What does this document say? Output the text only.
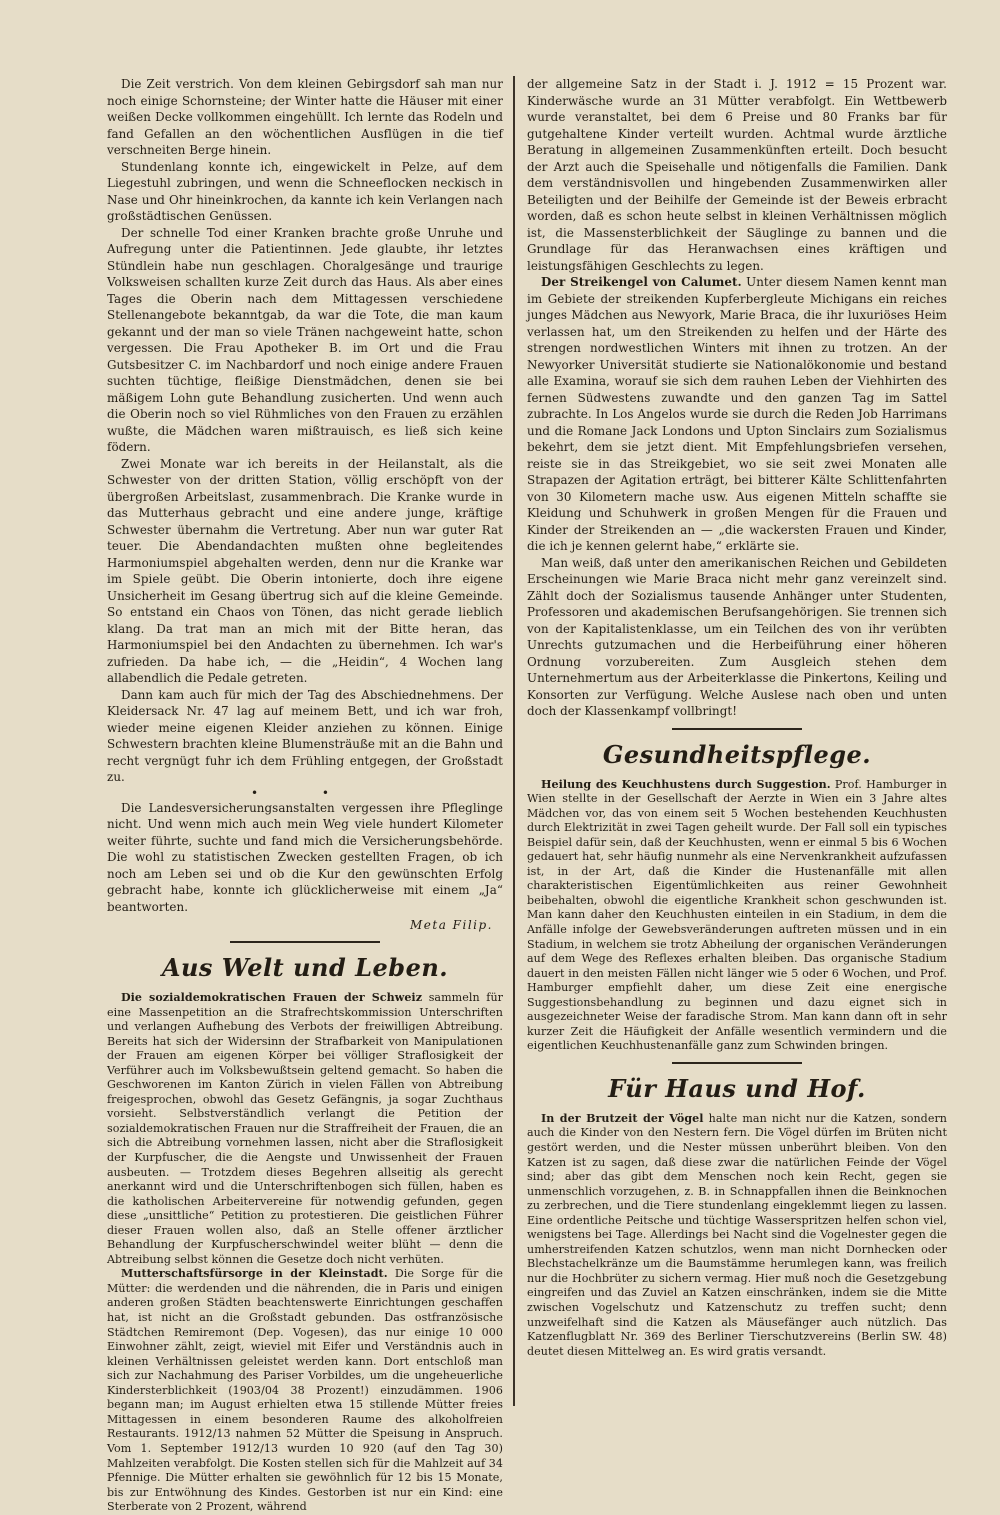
Die Zeit verstrich. Von dem kleinen Gebirgsdorf sah man nur noch einige Schornsteine; der Winter hatte die Häuser mit einer weißen Decke vollkommen eingehüllt. Ich lernte das Rodeln und fand Gefallen an den wöchentlichen Ausflügen in die tief verschneiten Berge hinein.

Stundenlang konnte ich, eingewickelt in Pelze, auf dem Liegestuhl zubringen, und wenn die Schneeflocken neckisch in Nase und Ohr hineinkrochen, da kannte ich kein Verlangen nach großstädtischen Genüssen.

Der schnelle Tod einer Kranken brachte große Unruhe und Aufregung unter die Patientinnen. Jede glaubte, ihr letztes Stündlein habe nun geschlagen. Choralgesänge und traurige Volksweisen schallten kurze Zeit durch das Haus. Als aber eines Tages die Oberin nach dem Mittagessen verschiedene Stellenangebote bekanntgab, da war die Tote, die man kaum gekannt und der man so viele Tränen nachgeweint hatte, schon vergessen. Die Frau Apotheker B. im Ort und die Frau Gutsbesitzer C. im Nachbardorf und noch einige andere Frauen suchten tüchtige, fleißige Dienstmädchen, denen sie bei mäßigem Lohn gute Behandlung zusicherten. Und wenn auch die Oberin noch so viel Rühmliches von den Frauen zu erzählen wußte, die Mädchen waren mißtrauisch, es ließ sich keine födern.

Zwei Monate war ich bereits in der Heilanstalt, als die Schwester von der dritten Station, völlig erschöpft von der übergroßen Arbeitslast, zusammenbrach. Die Kranke wurde in das Mutterhaus gebracht und eine andere junge, kräftige Schwester übernahm die Vertretung. Aber nun war guter Rat teuer. Die Abendandachten mußten ohne begleitendes Harmoniumspiel abgehalten werden, denn nur die Kranke war im Spiele geübt. Die Oberin intonierte, doch ihre eigene Unsicherheit im Gesang übertrug sich auf die kleine Gemeinde. So entstand ein Chaos von Tönen, das nicht gerade lieblich klang. Da trat man an mich mit der Bitte heran, das Harmoniumspiel bei den Andachten zu übernehmen. Ich war's zufrieden. Da habe ich, — die „Heidin“, 4 Wochen lang allabendlich die Pedale getreten.

Dann kam auch für mich der Tag des Abschiednehmens. Der Kleidersack Nr. 47 lag auf meinem Bett, und ich war froh, wieder meine eigenen Kleider anziehen zu können. Einige Schwestern brachten kleine Blumensträuße mit an die Bahn und recht vergnügt fuhr ich dem Frühling entgegen, der Großstadt zu.

• •

Die Landesversicherungsanstalten vergessen ihre Pfleglinge nicht. Und wenn mich auch mein Weg viele hundert Kilometer weiter führte, suchte und fand mich die Versicherungsbehörde. Die wohl zu statistischen Zwecken gestellten Fragen, ob ich noch am Leben sei und ob die Kur den gewünschten Erfolg gebracht habe, konnte ich glücklicherweise mit einem „Ja“ beantworten.

Meta Filip.

Aus Welt und Leben.

Die sozialdemokratischen Frauen der Schweiz sammeln für eine Massenpetition an die Strafrechtskommission Unterschriften und verlangen Aufhebung des Verbots der freiwilligen Abtreibung. Bereits hat sich der Widersinn der Strafbarkeit von Manipulationen der Frauen am eigenen Körper bei völliger Straflosigkeit der Verführer auch im Volksbewußtsein geltend gemacht. So haben die Geschworenen im Kanton Zürich in vielen Fällen von Abtreibung freigesprochen, obwohl das Gesetz Gefängnis, ja sogar Zuchthaus vorsieht. Selbstverständlich verlangt die Petition der sozialdemokratischen Frauen nur die Straffreiheit der Frauen, die an sich die Abtreibung vornehmen lassen, nicht aber die Straflosigkeit der Kurpfuscher, die die Aengste und Unwissenheit der Frauen ausbeuten. — Trotzdem dieses Begehren allseitig als gerecht anerkannt wird und die Unterschriftenbogen sich füllen, haben es die katholischen Arbeitervereine für notwendig gefunden, gegen diese „unsittliche“ Petition zu protestieren. Die geistlichen Führer dieser Frauen wollen also, daß an Stelle offener ärztlicher Behandlung der Kurpfuscherschwindel weiter blüht — denn die Abtreibung selbst können die Gesetze doch nicht verhüten.

Mutterschaftsfürsorge in der Kleinstadt. Die Sorge für die Mütter: die werdenden und die nährenden, die in Paris und einigen anderen großen Städten beachtenswerte Einrichtungen geschaffen hat, ist nicht an die Großstadt gebunden. Das ostfranzösische Städtchen Remiremont (Dep. Vogesen), das nur einige 10 000 Einwohner zählt, zeigt, wieviel mit Eifer und Verständnis auch in kleinen Verhältnissen geleistet werden kann. Dort entschloß man sich zur Nachahmung des Pariser Vorbildes, um die ungeheuerliche Kindersterblichkeit (1903/04 38 Prozent!) einzudämmen. 1906 begann man; im August erhielten etwa 15 stillende Mütter freies Mittagessen in einem besonderen Raume des alkoholfreien Restaurants. 1912/13 nahmen 52 Mütter die Speisung in Anspruch. Vom 1. September 1912/13 wurden 10 920 (auf den Tag 30) Mahlzeiten verabfolgt. Die Kosten stellen sich für die Mahlzeit auf 34 Pfennige. Die Mütter erhalten sie gewöhnlich für 12 bis 15 Monate, bis zur Entwöhnung des Kindes. Gestorben ist nur ein Kind: eine Sterberate von 2 Prozent, während

der allgemeine Satz in der Stadt i. J. 1912 = 15 Prozent war. Kinderwäsche wurde an 31 Mütter verabfolgt. Ein Wettbewerb wurde veranstaltet, bei dem 6 Preise und 80 Franks bar für gutgehaltene Kinder verteilt wurden. Achtmal wurde ärztliche Beratung in allgemeinen Zusammenkünften erteilt. Doch besucht der Arzt auch die Speisehalle und nötigenfalls die Familien. Dank dem verständnisvollen und hingebenden Zusammenwirken aller Beteiligten und der Beihilfe der Gemeinde ist der Beweis erbracht worden, daß es schon heute selbst in kleinen Verhältnissen möglich ist, die Massensterblichkeit der Säuglinge zu bannen und die Grundlage für das Heranwachsen eines kräftigen und leistungsfähigen Geschlechts zu legen.

Der Streikengel von Calumet. Unter diesem Namen kennt man im Gebiete der streikenden Kupferbergleute Michigans ein reiches junges Mädchen aus Newyork, Marie Braca, die ihr luxuriöses Heim verlassen hat, um den Streikenden zu helfen und der Härte des strengen nordwestlichen Winters mit ihnen zu trotzen. An der Newyorker Universität studierte sie Nationalökonomie und bestand alle Examina, worauf sie sich dem rauhen Leben der Viehhirten des fernen Südwestens zuwandte und den ganzen Tag im Sattel zubrachte. In Los Angelos wurde sie durch die Reden Job Harrimans und die Romane Jack Londons und Upton Sinclairs zum Sozialismus bekehrt, dem sie jetzt dient. Mit Empfehlungsbriefen versehen, reiste sie in das Streikgebiet, wo sie seit zwei Monaten alle Strapazen der Agitation erträgt, bei bitterer Kälte Schlittenfahrten von 30 Kilometern mache usw. Aus eigenen Mitteln schaffte sie Kleidung und Schuhwerk in großen Mengen für die Frauen und Kinder der Streikenden an — „die wackersten Frauen und Kinder, die ich je kennen gelernt habe,“ erklärte sie.

Man weiß, daß unter den amerikanischen Reichen und Gebildeten Erscheinungen wie Marie Braca nicht mehr ganz vereinzelt sind. Zählt doch der Sozialismus tausende Anhänger unter Studenten, Professoren und akademischen Berufsangehörigen. Sie trennen sich von der Kapitalistenklasse, um ein Teilchen des von ihr verübten Unrechts gutzumachen und die Herbeiführung einer höheren Ordnung vorzubereiten. Zum Ausgleich stehen dem Unternehmertum aus der Arbeiterklasse die Pinkertons, Keiling und Konsorten zur Verfügung. Welche Auslese nach oben und unten doch der Klassenkampf vollbringt!

Gesundheitspflege.

Heilung des Keuchhustens durch Suggestion. Prof. Hamburger in Wien stellte in der Gesellschaft der Aerzte in Wien ein 3 Jahre altes Mädchen vor, das von einem seit 5 Wochen bestehenden Keuchhusten durch Elektrizität in zwei Tagen geheilt wurde. Der Fall soll ein typisches Beispiel dafür sein, daß der Keuchhusten, wenn er einmal 5 bis 6 Wochen gedauert hat, sehr häufig nunmehr als eine Nervenkrankheit aufzufassen ist, in der Art, daß die Kinder die Hustenanfälle mit allen charakteristischen Eigentümlichkeiten aus reiner Gewohnheit beibehalten, obwohl die eigentliche Krankheit schon geschwunden ist. Man kann daher den Keuchhusten einteilen in ein Stadium, in dem die Anfälle infolge der Gewebsveränderungen auftreten müssen und in ein Stadium, in welchem sie trotz Abheilung der organischen Veränderungen auf dem Wege des Reflexes erhalten bleiben. Das organische Stadium dauert in den meisten Fällen nicht länger wie 5 oder 6 Wochen, und Prof. Hamburger empfiehlt daher, um diese Zeit eine energische Suggestionsbehandlung zu beginnen und dazu eignet sich in ausgezeichneter Weise der faradische Strom. Man kann dann oft in sehr kurzer Zeit die Häufigkeit der Anfälle wesentlich vermindern und die eigentlichen Keuchhustenanfälle ganz zum Schwinden bringen.

Für Haus und Hof.

In der Brutzeit der Vögel halte man nicht nur die Katzen, sondern auch die Kinder von den Nestern fern. Die Vögel dürfen im Brüten nicht gestört werden, und die Nester müssen unberührt bleiben. Von den Katzen ist zu sagen, daß diese zwar die natürlichen Feinde der Vögel sind; aber das gibt dem Menschen noch kein Recht, gegen sie unmenschlich vorzugehen, z. B. in Schnappfallen ihnen die Beinknochen zu zerbrechen, und die Tiere stundenlang eingeklemmt liegen zu lassen. Eine ordentliche Peitsche und tüchtige Wasserspritzen helfen schon viel, wenigstens bei Tage. Allerdings bei Nacht sind die Vogelnester gegen die umherstreifenden Katzen schutzlos, wenn man nicht Dornhecken oder Blechstachelkränze um die Baumstämme herumlegen kann, was freilich nur die Hochbrüter zu sichern vermag. Hier muß noch die Gesetzgebung eingreifen und das Zuviel an Katzen einschränken, indem sie die Mitte zwischen Vogelschutz und Katzenschutz zu treffen sucht; denn unzweifelhaft sind die Katzen als Mäusefänger auch nützlich. Das Katzenflugblatt Nr. 369 des Berliner Tierschutzvereins (Berlin SW. 48) deutet diesen Mittelweg an. Es wird gratis versandt.
